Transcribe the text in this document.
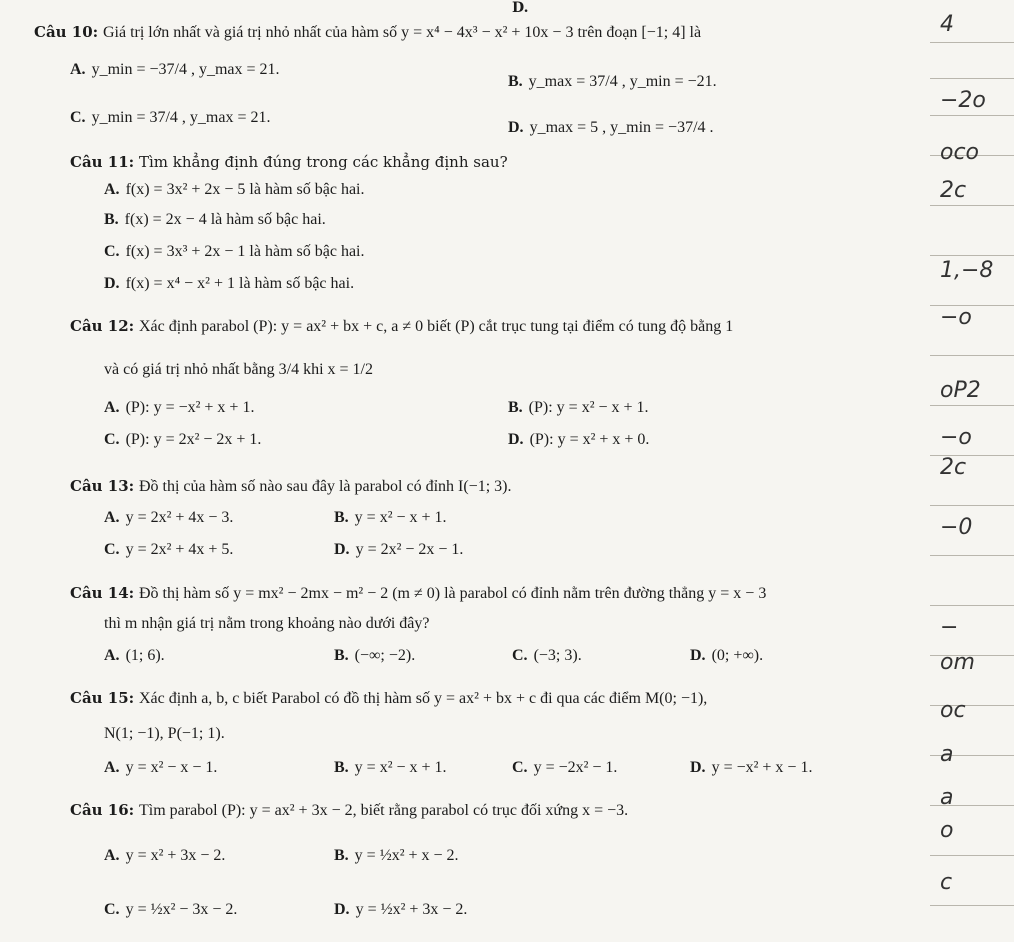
D.
4
−2o
oco
2c
1,−8
−o
oP2
−o
2c
−0
−
om
oc
a
a
o
c
Câu 10: Giá trị lớn nhất và giá trị nhỏ nhất của hàm số y = x⁴ − 4x³ − x² + 10x − 3 trên đoạn [−1; 4] là
A. y_min = −37/4 , y_max = 21.
B. y_max = 37/4 , y_min = −21.
C. y_min = 37/4 , y_max = 21.
D. y_max = 5 , y_min = −37/4 .
Câu 11: Tìm khẳng định đúng trong các khẳng định sau?
A. f(x) = 3x² + 2x − 5 là hàm số bậc hai.
B. f(x) = 2x − 4 là hàm số bậc hai.
C. f(x) = 3x³ + 2x − 1 là hàm số bậc hai.
D. f(x) = x⁴ − x² + 1 là hàm số bậc hai.
Câu 12: Xác định parabol (P): y = ax² + bx + c, a ≠ 0 biết (P) cắt trục tung tại điểm có tung độ bằng 1
và có giá trị nhỏ nhất bằng 3/4 khi x = 1/2
A. (P): y = −x² + x + 1.	B. (P): y = x² − x + 1.
C. (P): y = 2x² − 2x + 1.	D. (P): y = x² + x + 0.
Câu 13: Đồ thị của hàm số nào sau đây là parabol có đỉnh I(−1; 3).
A. y = 2x² + 4x − 3.	B. y = x² − x + 1.
C. y = 2x² + 4x + 5.	D. y = 2x² − 2x − 1.
Câu 14: Đồ thị hàm số y = mx² − 2mx − m² − 2 (m ≠ 0) là parabol có đỉnh nằm trên đường thẳng y = x − 3
thì m nhận giá trị nằm trong khoảng nào dưới đây?
A. (1; 6).	B. (−∞; −2).	C. (−3; 3).	D. (0; +∞).
Câu 15: Xác định a, b, c biết Parabol có đồ thị hàm số y = ax² + bx + c đi qua các điểm M(0; −1),
N(1; −1), P(−1; 1).
A. y = x² − x − 1.	B. y = x² − x + 1.	C. y = −2x² − 1.	D. y = −x² + x − 1.
Câu 16: Tìm parabol (P): y = ax² + 3x − 2, biết rằng parabol có trục đối xứng x = −3.
A. y = x² + 3x − 2.	B. y = ½x² + x − 2.
C. y = ½x² − 3x − 2.	D. y = ½x² + 3x − 2.
